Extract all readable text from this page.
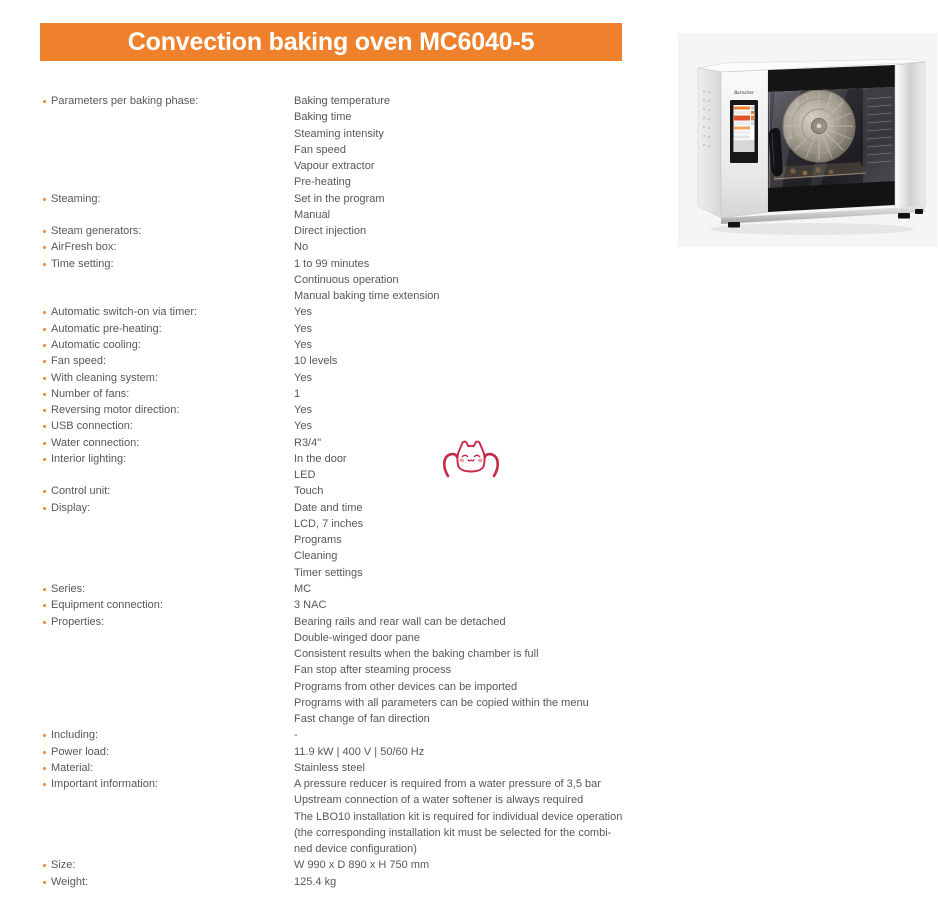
Convection baking oven MC6040-5
Parameters per baking phase:	Baking temperature
Baking time
Steaming intensity
Fan speed
Vapour extractor
Pre-heating
Steaming:	Set in the program
Manual
Steam generators:	Direct injection
AirFresh box:	No
Time setting:	1 to 99 minutes
Continuous operation
Manual baking time extension
Automatic switch-on via timer:	Yes
Automatic pre-heating:	Yes
Automatic cooling:	Yes
Fan speed:	10 levels
With cleaning system:	Yes
Number of fans:	1
Reversing motor direction:	Yes
USB connection:	Yes
Water connection:	R3/4"
Interior lighting:	In the door
LED
Control unit:	Touch
Display:	Date and time
LCD, 7 inches
Programs
Cleaning
Timer settings
Series:	MC
Equipment connection:	3 NAC
Properties:	Bearing rails and rear wall can be detached
Double-winged door pane
Consistent results when the baking chamber is full
Fan stop after steaming process
Programs from other devices can be imported
Programs with all parameters can be copied within the menu
Fast change of fan direction
Including:	-
Power load:	11.9 kW | 400 V | 50/60 Hz
Material:	Stainless steel
Important information:	A pressure reducer is required from a water pressure of 3,5 bar
Upstream connection of a water softener is always required
The LBO10 installation kit is required for individual device operation
(the corresponding installation kit must be selected for the combi-
ned device configuration)
Size:	W 990 x D 890 x H 750 mm
Weight:	125.4 kg
Bartscher
